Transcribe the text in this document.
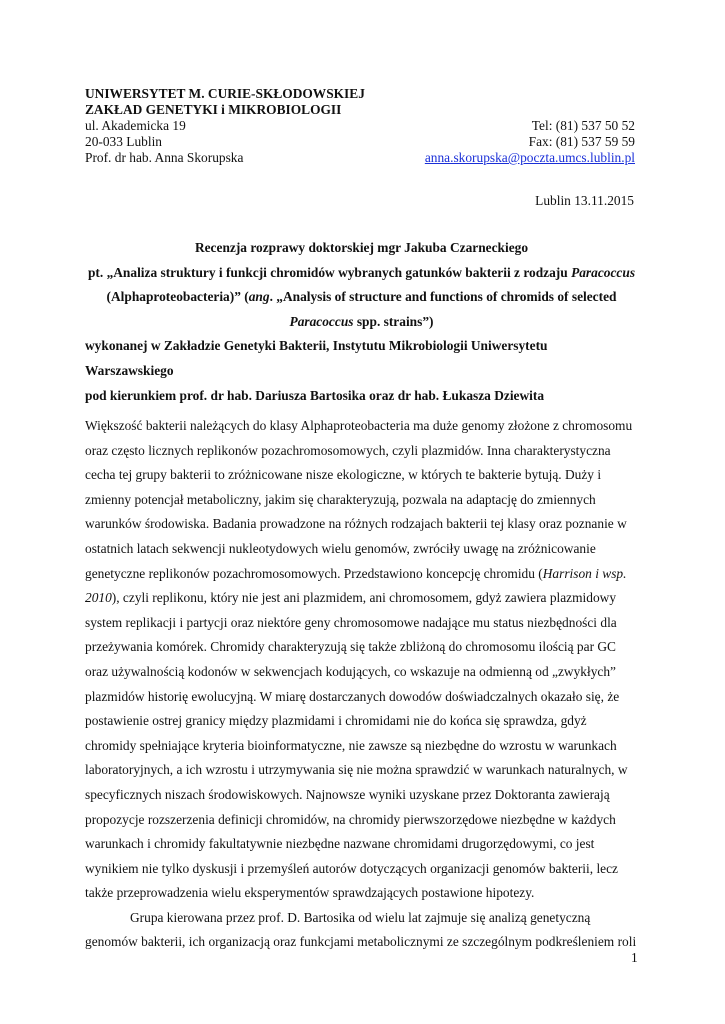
UNIWERSYTET M. CURIE-SKŁODOWSKIEJ
ZAKŁAD GENETYKI i MIKROBIOLOGII
ul. Akademicka 19	Tel: (81) 537 50 52
20-033 Lublin	Fax: (81) 537 59 59
Prof. dr hab. Anna Skorupska	anna.skorupska@poczta.umcs.lublin.pl
Lublin 13.11.2015
Recenzja rozprawy doktorskiej mgr Jakuba Czarneckiego
pt. „Analiza struktury i funkcji chromidów wybranych gatunków bakterii z rodzaju Paracoccus
(Alphaproteobacteria)” (ang. „Analysis of structure and functions of chromids of selected
Paracoccus spp. strains”)
wykonanej w Zakładzie Genetyki Bakterii, Instytutu Mikrobiologii Uniwersytetu
Warszawskiego
pod kierunkiem prof. dr hab. Dariusza Bartosika oraz dr hab. Łukasza Dziewita
Większość bakterii należących do klasy Alphaproteobacteria ma duże genomy złożone z chromosomu
oraz często licznych replikonów pozachromosomowych, czyli plazmidów. Inna charakterystyczna
cecha tej grupy bakterii to zróżnicowane nisze ekologiczne, w których te bakterie bytują. Duży i
zmienny potencjał metaboliczny, jakim się charakteryzują, pozwala na adaptację do zmiennych
warunków środowiska. Badania prowadzone na różnych rodzajach bakterii tej klasy oraz poznanie w
ostatnich latach sekwencji nukleotydowych wielu genomów, zwróciły uwagę na zróżnicowanie
genetyczne replikonów pozachromosomowych. Przedstawiono koncepcję chromidu (Harrison i wsp.
2010), czyli replikonu, który nie jest ani plazmidem, ani chromosomem, gdyż zawiera plazmidowy
system replikacji i partycji oraz niektóre geny chromosomowe nadające mu status niezbędności dla
przeżywania komórek. Chromidy charakteryzują się także zbliżoną do chromosomu ilością par GC
oraz używalnością kodonów w sekwencjach kodujących, co wskazuje na odmienną od „zwykłych”
plazmidów historię ewolucyjną. W miarę dostarczanych dowodów doświadczalnych okazało się, że
postawienie ostrej granicy między plazmidami i chromidami nie do końca się sprawdza, gdyż
chromidy spełniające kryteria bioinformatyczne, nie zawsze są niezbędne do wzrostu w warunkach
laboratoryjnych, a ich wzrostu i utrzymywania się nie można sprawdzić w warunkach naturalnych, w
specyficznych niszach środowiskowych. Najnowsze wyniki uzyskane przez Doktoranta zawierają
propozycje rozszerzenia definicji chromidów, na chromidy pierwszorzędowe niezbędne w każdych
warunkach i chromidy fakultatywnie niezbędne nazwane chromidami drugorzędowymi, co jest
wynikiem nie tylko dyskusji i przemyśleń autorów dotyczących organizacji genomów bakterii, lecz
także przeprowadzenia wielu eksperymentów sprawdzających postawione hipotezy.
Grupa kierowana przez prof. D. Bartosika od wielu lat zajmuje się analizą genetyczną
genomów bakterii, ich organizacją oraz funkcjami metabolicznymi ze szczególnym podkreśleniem roli
1
